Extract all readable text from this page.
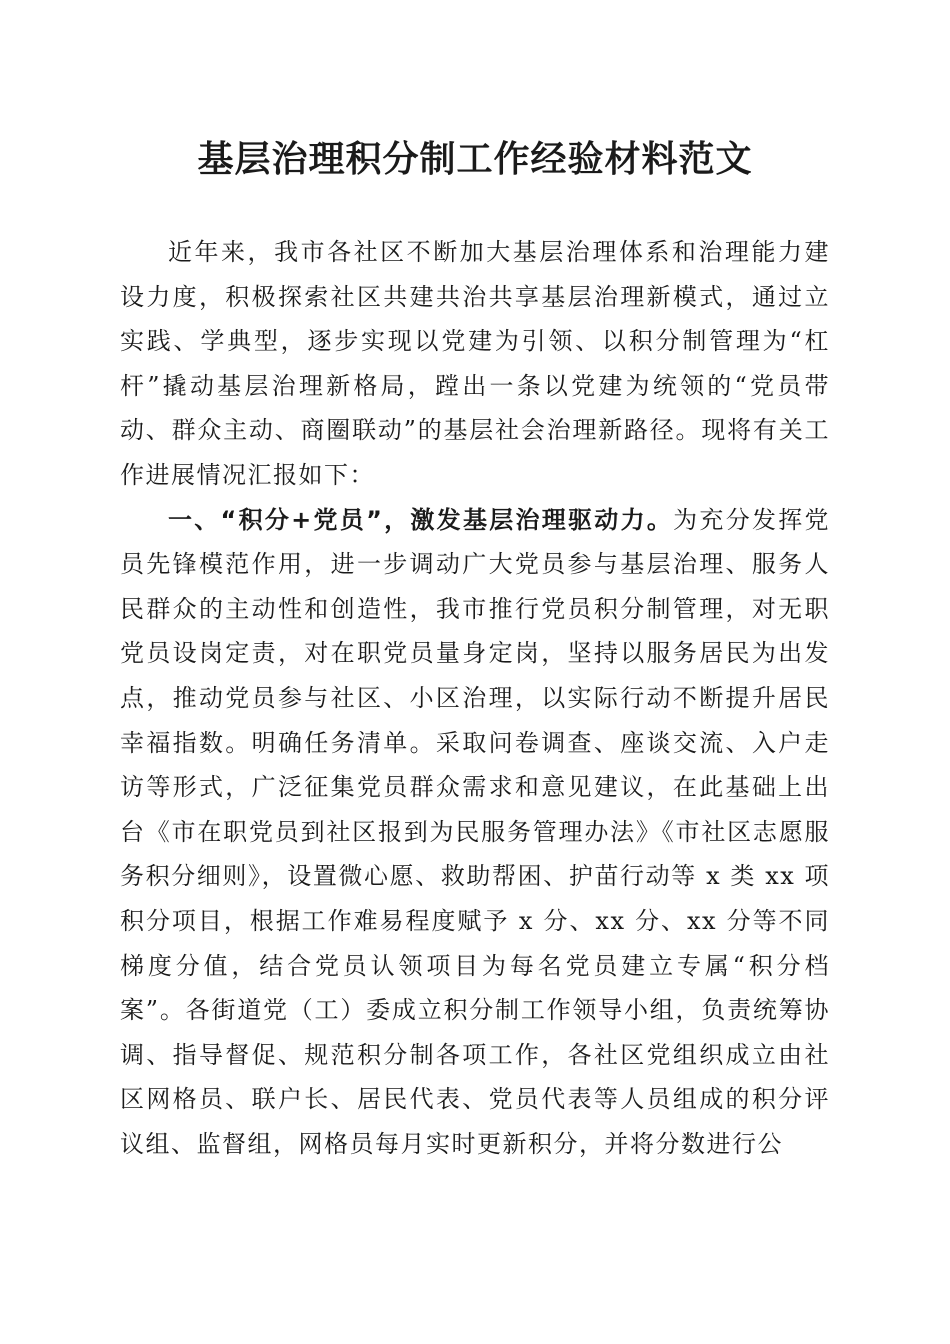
基层治理积分制工作经验材料范文

近年来，我市各社区不断加大基层治理体系和治理能力建设力度，积极探索社区共建共治共享基层治理新模式，通过立实践、学典型，逐步实现以党建为引领、以积分制管理为“杠杆”撬动基层治理新格局，蹚出一条以党建为统领的“党员带动、群众主动、商圈联动”的基层社会治理新路径。现将有关工作进展情况汇报如下：

一、“积分+党员”，激发基层治理驱动力。为充分发挥党员先锋模范作用，进一步调动广大党员参与基层治理、服务人民群众的主动性和创造性，我市推行党员积分制管理，对无职党员设岗定责，对在职党员量身定岗，坚持以服务居民为出发点，推动党员参与社区、小区治理，以实际行动不断提升居民幸福指数。明确任务清单。采取问卷调查、座谈交流、入户走访等形式，广泛征集党员群众需求和意见建议，在此基础上出台《市在职党员到社区报到为民服务管理办法》《市社区志愿服务积分细则》，设置微心愿、救助帮困、护苗行动等 x 类 xx 项积分项目，根据工作难易程度赋予 x 分、xx 分、xx 分等不同梯度分值，结合党员认领项目为每名党员建立专属“积分档案”。各街道党（工）委成立积分制工作领导小组，负责统筹协调、指导督促、规范积分制各项工作，各社区党组织成立由社区网格员、联户长、居民代表、党员代表等人员组成的积分评议组、监督组，网格员每月实时更新积分，并将分数进行公
